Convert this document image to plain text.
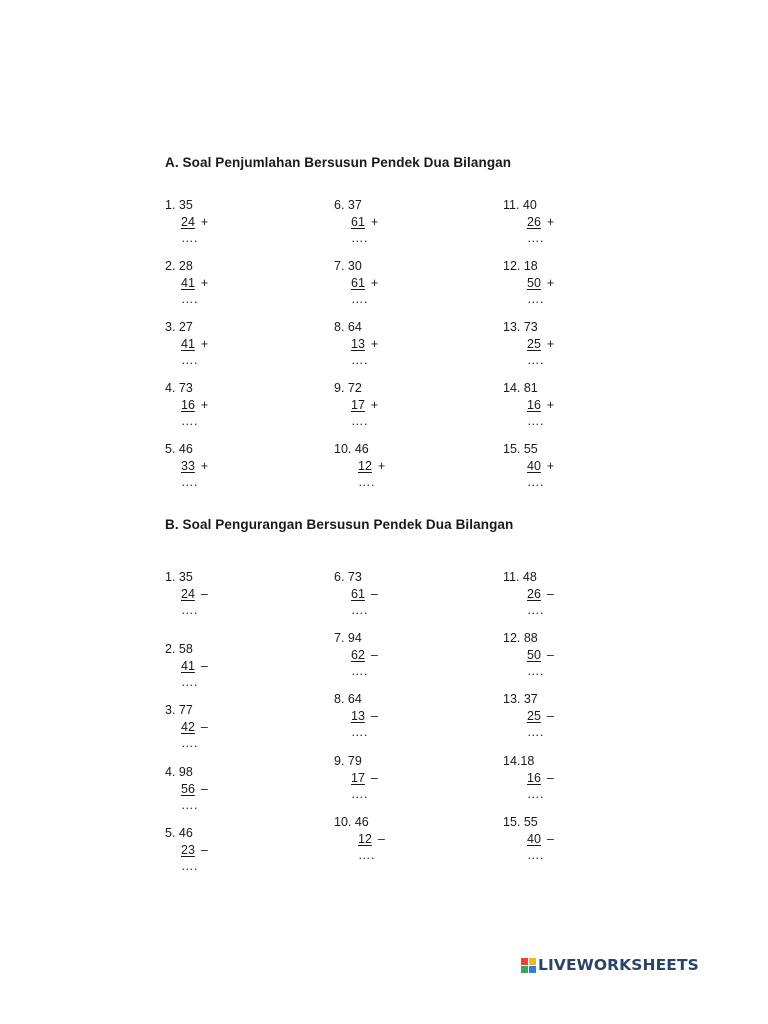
A. Soal Penjumlahan Bersusun Pendek Dua Bilangan
1. 35
24 +
….
2. 28
41 +
….
3. 27
41 +
….
4. 73
16 +
….
5. 46
33 +
….
6. 37
61 +
….
7. 30
61 +
….
8. 64
13 +
….
9. 72
17 +
….
10. 46
12 +
….
11. 40
26 +
….
12. 18
50 +
….
13. 73
25 +
….
14. 81
16 +
….
15. 55
40 +
….
B. Soal Pengurangan Bersusun Pendek Dua Bilangan
1. 35
24 –
….
2. 58
41 –
….
3. 77
42 –
….
4. 98
56 –
….
5. 46
23 –
….
6. 73
61 –
….
7. 94
62 –
….
8. 64
13 –
….
9. 79
17 –
….
10. 46
12 –
….
11. 48
26 –
….
12. 88
50 –
….
13. 37
25 –
….
14.18
16 –
….
15. 55
40 –
….
LIVEWORKSHEETS
